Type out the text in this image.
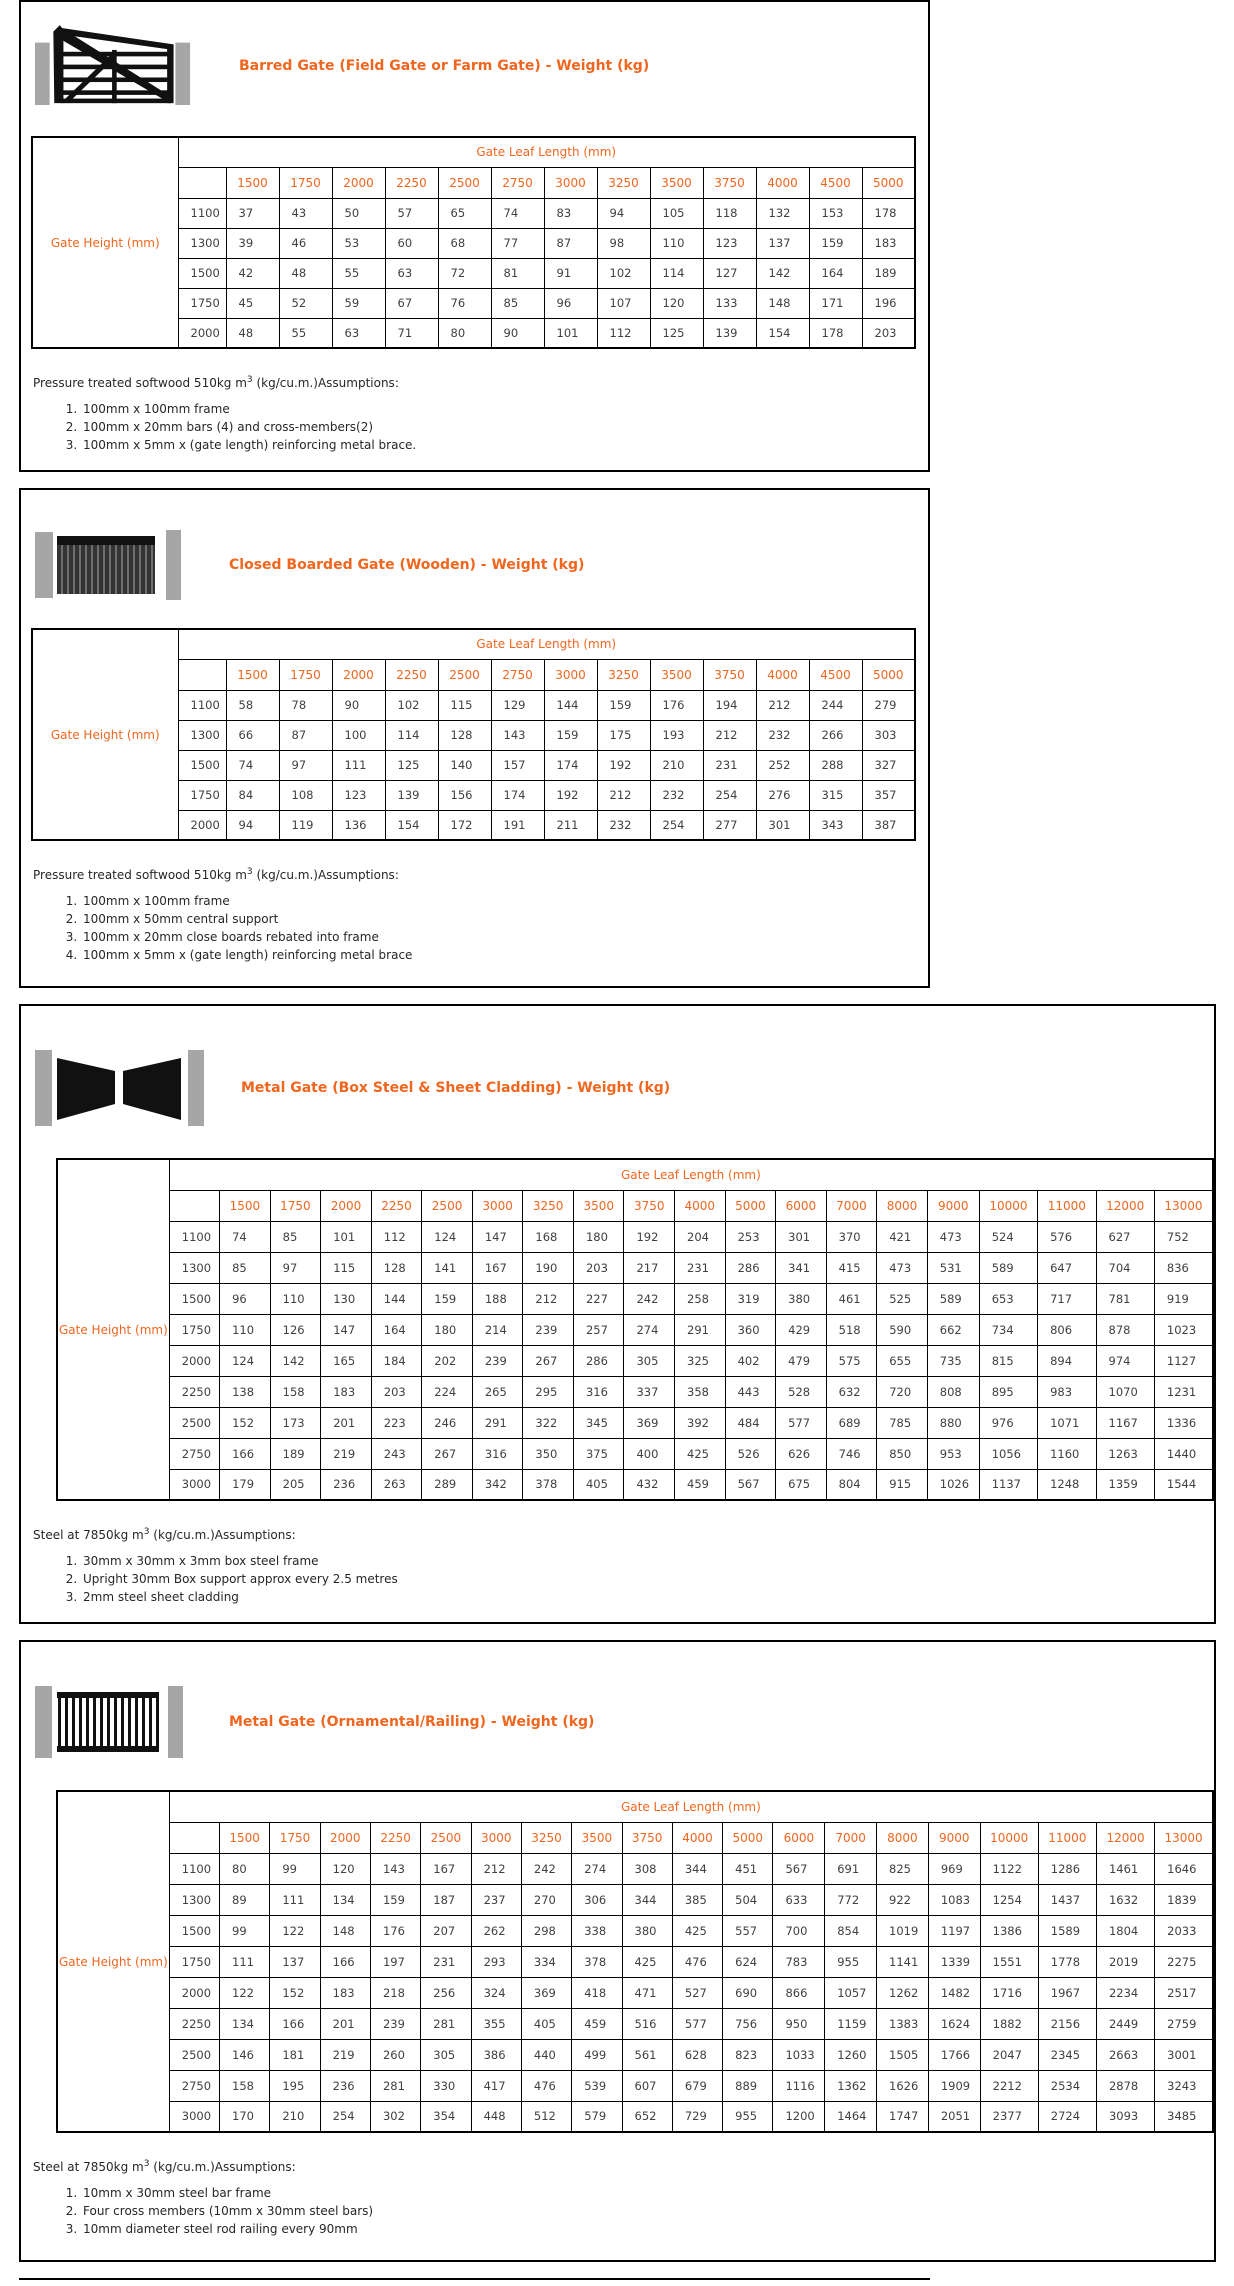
Barred Gate (Field Gate or Farm Gate) - Weight (kg)
Gate Height (mm)	Gate Leaf Length (mm)													
		1500	1750	2000	2250	2500	2750	3000	3250	3500	3750	4000	4500	5000
	1100	37	43	50	57	65	74	83	94	105	118	132	153	178
	1300	39	46	53	60	68	77	87	98	110	123	137	159	183
	1500	42	48	55	63	72	81	91	102	114	127	142	164	189
	1750	45	52	59	67	76	85	96	107	120	133	148	171	196
	2000	48	55	63	71	80	90	101	112	125	139	154	178	203

Pressure treated softwood 510kg $m^3$ (kg/cu.m.)Assumptions:

1. 100mm x 100mm frame
2. 100mm x 20mm bars (4) and cross-members(2)
3. 100mm x 5mm x (gate length) reinforcing metal brace.
Closed Boarded Gate (Wooden) - Weight (kg)
Gate Height (mm)	Gate Leaf Length (mm)													
		1500	1750	2000	2250	2500	2750	3000	3250	3500	3750	4000	4500	5000
	1100	58	78	90	102	115	129	144	159	176	194	212	244	279
	1300	66	87	100	114	128	143	159	175	193	212	232	266	303
	1500	74	97	111	125	140	157	174	192	210	231	252	288	327
	1750	84	108	123	139	156	174	192	212	232	254	276	315	357
	2000	94	119	136	154	172	191	211	232	254	277	301	343	387

Pressure treated softwood 510kg $m^3$ (kg/cu.m.)Assumptions:

1. 100mm x 100mm frame
2. 100mm x 50mm central support
3. 100mm x 20mm close boards rebated into frame
4. 100mm x 5mm x (gate length) reinforcing metal brace
Metal Gate (Box Steel & Sheet Cladding) - Weight (kg)
Gate Height (mm)	Gate Leaf Length (mm)																			
		1500	1750	2000	2250	2500	3000	3250	3500	3750	4000	5000	6000	7000	8000	9000	10000	11000	12000	13000
	1100	74	85	101	112	124	147	168	180	192	204	253	301	370	421	473	524	576	627	752
	1300	85	97	115	128	141	167	190	203	217	231	286	341	415	473	531	589	647	704	836
	1500	96	110	130	144	159	188	212	227	242	258	319	380	461	525	589	653	717	781	919
	1750	110	126	147	164	180	214	239	257	274	291	360	429	518	590	662	734	806	878	1023
	2000	124	142	165	184	202	239	267	286	305	325	402	479	575	655	735	815	894	974	1127
	2250	138	158	183	203	224	265	295	316	337	358	443	528	632	720	808	895	983	1070	1231
	2500	152	173	201	223	246	291	322	345	369	392	484	577	689	785	880	976	1071	1167	1336
	2750	166	189	219	243	267	316	350	375	400	425	526	626	746	850	953	1056	1160	1263	1440
	3000	179	205	236	263	289	342	378	405	432	459	567	675	804	915	1026	1137	1248	1359	1544

Steel at 7850kg $m^3$ (kg/cu.m.)Assumptions:

1. 30mm x 30mm x 3mm box steel frame
2. Upright 30mm Box support approx every 2.5 metres
3. 2mm steel sheet cladding
Metal Gate (Ornamental/Railing) - Weight (kg)
Gate Height (mm)	Gate Leaf Length (mm)																			
		1500	1750	2000	2250	2500	3000	3250	3500	3750	4000	5000	6000	7000	8000	9000	10000	11000	12000	13000
	1100	80	99	120	143	167	212	242	274	308	344	451	567	691	825	969	1122	1286	1461	1646
	1300	89	111	134	159	187	237	270	306	344	385	504	633	772	922	1083	1254	1437	1632	1839
	1500	99	122	148	176	207	262	298	338	380	425	557	700	854	1019	1197	1386	1589	1804	2033
	1750	111	137	166	197	231	293	334	378	425	476	624	783	955	1141	1339	1551	1778	2019	2275
	2000	122	152	183	218	256	324	369	418	471	527	690	866	1057	1262	1482	1716	1967	2234	2517
	2250	134	166	201	239	281	355	405	459	516	577	756	950	1159	1383	1624	1882	2156	2449	2759
	2500	146	181	219	260	305	386	440	499	561	628	823	1033	1260	1505	1766	2047	2345	2663	3001
	2750	158	195	236	281	330	417	476	539	607	679	889	1116	1362	1626	1909	2212	2534	2878	3243
	3000	170	210	254	302	354	448	512	579	652	729	955	1200	1464	1747	2051	2377	2724	3093	3485

Steel at 7850kg $m^3$ (kg/cu.m.)Assumptions:

1. 10mm x 30mm steel bar frame
2. Four cross members (10mm x 30mm steel bars)
3. 10mm diameter steel rod railing every 90mm
